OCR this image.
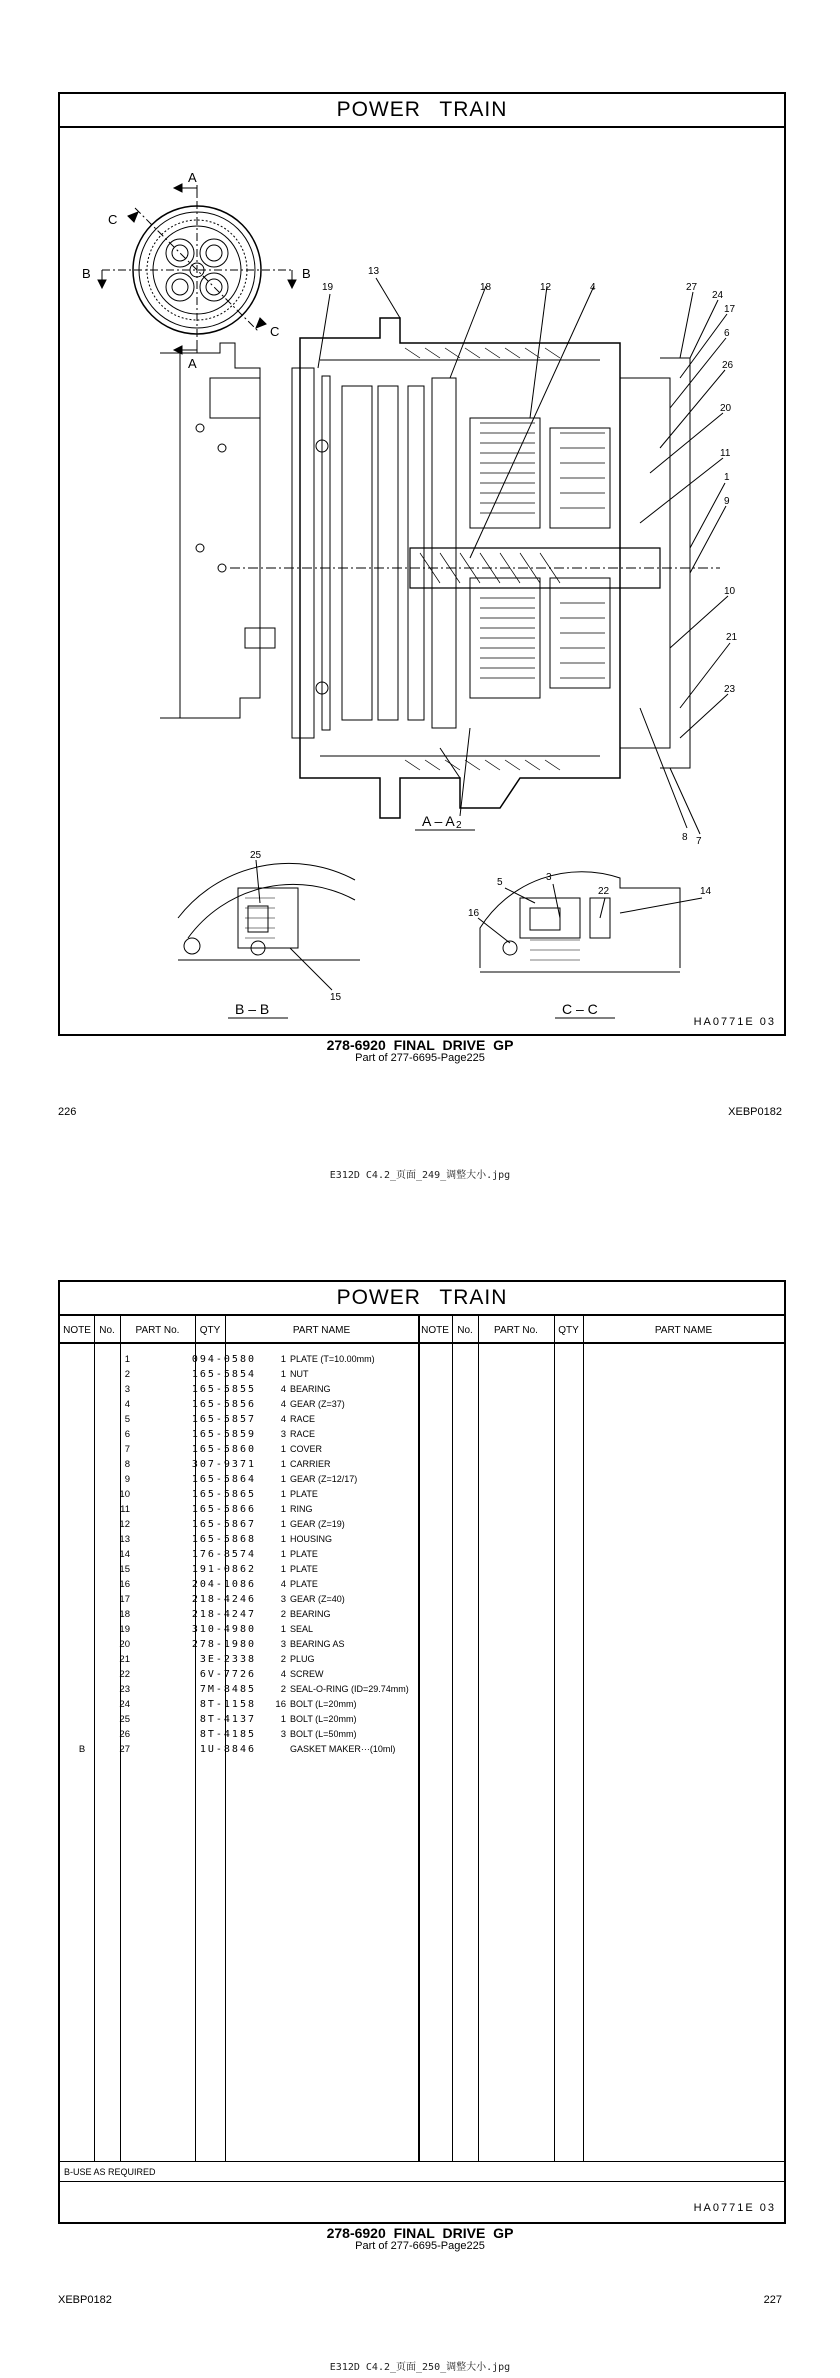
POWER TRAIN
A
A
B	B
C
C
A – A
B – B	C – C
13
19	18	12	4	27
24
17
6
26
20
11
1
9
10
21
23
2
8 7
25
15
5	3
22	14
16
HA0771E 03
278-6920 FINAL DRIVE GP
Part of 277-6695-Page225
226	XEBP0182
E312D C4.2_页面_249_调整大小.jpg
POWER TRAIN
NOTE No.	PART No.	QTY	PART NAME	NOTE No.	PART No.	QTY	PART NAME
1	094-0580	1 PLATE (T=10.00mm)
2	165-5854	1 NUT
3	165-5855	4 BEARING
4	165-5856	4 GEAR (Z=37)
5	165-5857	4 RACE
6	165-5859	3 RACE
7	165-5860	1 COVER
8	307-9371	1 CARRIER
9	165-5864	1 GEAR (Z=12/17)
10	165-5865	1 PLATE
11	165-5866	1 RING
12	165-5867	1 GEAR (Z=19)
13	165-5868	1 HOUSING
14	176-8574	1 PLATE
15	191-0862	1 PLATE
16	204-1086	4 PLATE
17	218-4246	3 GEAR (Z=40)
18	218-4247	2 BEARING
19	310-4980	1 SEAL
20	278-1980	3 BEARING AS
21	3E-2338	2 PLUG
22	6V-7726	4 SCREW
23	7M-8485	2 SEAL-O-RING (ID=29.74mm)
24	8T-1158	16 BOLT (L=20mm)
25	8T-4137	1 BOLT (L=20mm)
26	8T-4185	3 BOLT (L=50mm)
B	27	1U-8846	GASKET MAKER···(10ml)
B-USE AS REQUIRED
HA0771E 03
278-6920 FINAL DRIVE GP
Part of 277-6695-Page225
XEBP0182	227
E312D C4.2_页面_250_调整大小.jpg
